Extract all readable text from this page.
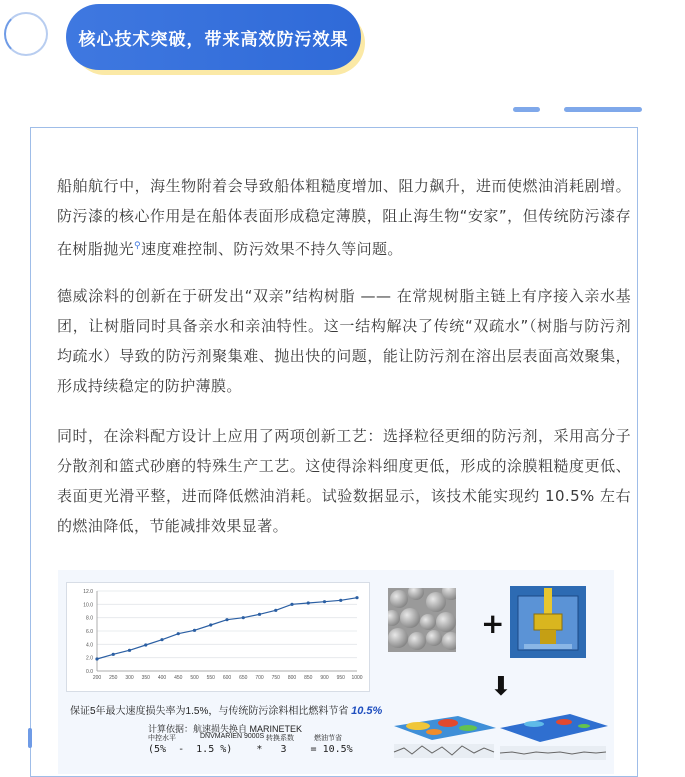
核心技术突破，带来高效防污效果
船舶航行中，海生物附着会导致船体粗糙度增加、阻力飙升，进而使燃油消耗剧增。防污漆的核心作用是在船体表面形成稳定薄膜，阻止海生物“安家”，但传统防污漆存在树脂抛光⚲速度难控制、防污效果不持久等问题。
德威涂料的创新在于研发出“双亲”结构树脂 —— 在常规树脂主链上有序接入亲水基团，让树脂同时具备亲水和亲油特性。这一结构解决了传统“双疏水”（树脂与防污剂均疏水）导致的防污剂聚集难、抛出快的问题，能让防污剂在溶出层表面高效聚集，形成持续稳定的防护薄膜。
同时，在涂料配方设计上应用了两项创新工艺：选择粒径更细的防污剂，采用高分子分散剂和篮式砂磨的特殊生产工艺。这使得涂料细度更低，形成的涂膜粗糙度更低、表面更光滑平整，进而降低燃油消耗。试验数据显示，该技术能实现约 10.5% 左右的燃油降低，节能减排效果显著。
0.0
2.0
4.0
6.0
8.0
10.0
12.0
200 250 300 350 400 450 500 550 600 650 700 750 800 850 900 950 1000
保证5年最大速度损失率为1.5%，与传统防污涂料相比燃料节省 10.5%
计算依据：航速损失换自 MARINETEK
中控水平	DNVMARIEN 9000S 转换系数	燃油节省
(5%  -  1.5 %)    *   3    = 10.5%
+
⬇
